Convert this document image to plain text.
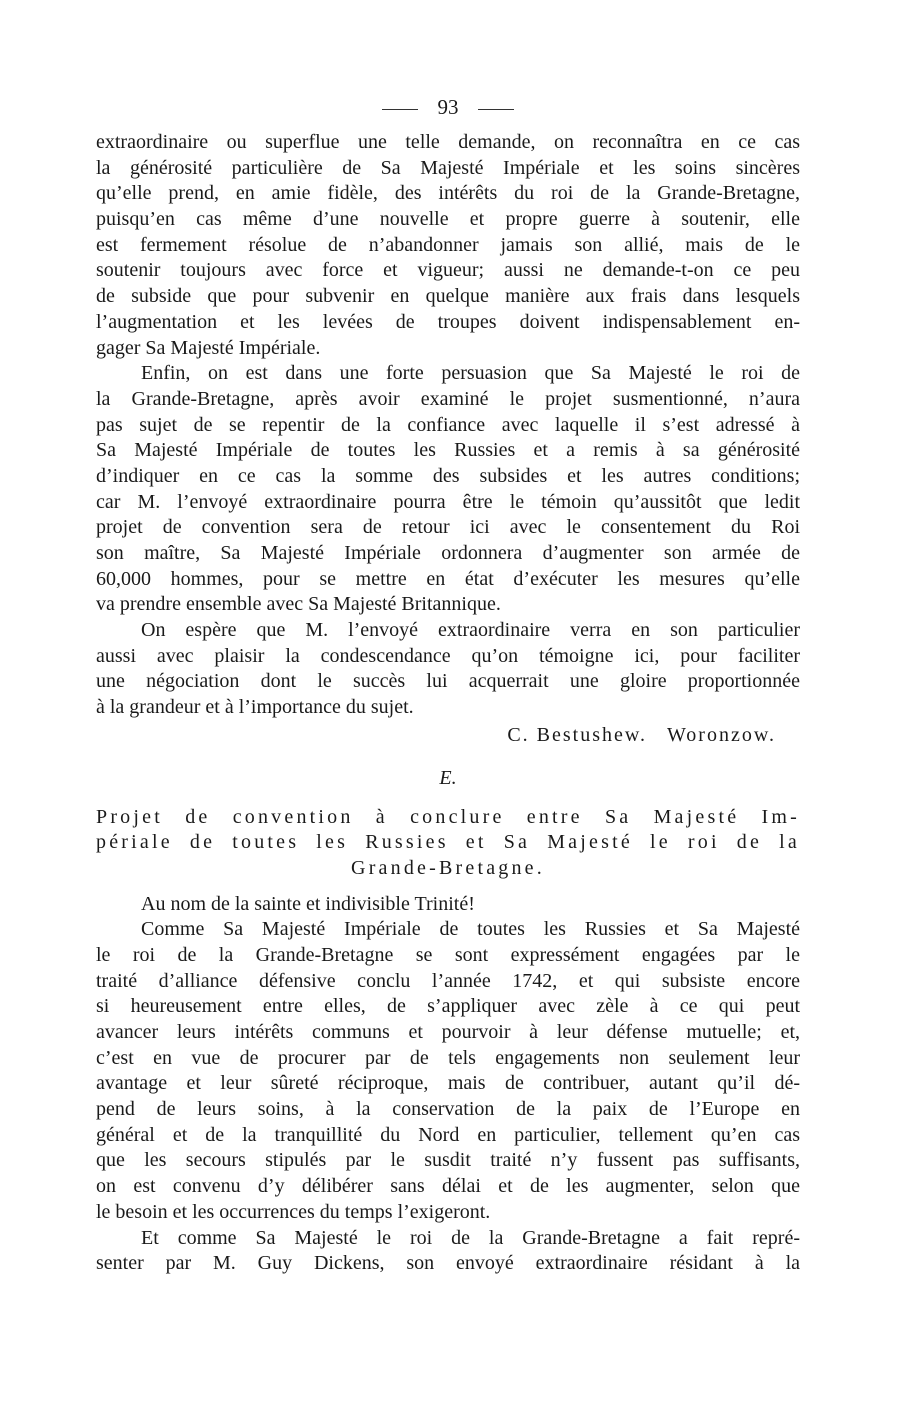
93
extraordinaire ou superflue une telle demande, on reconnaîtra en ce cas
la générosité particulière de Sa Majesté Impériale et les soins sincères
qu’elle prend, en amie fidèle, des intérêts du roi de la Grande-Bretagne,
puisqu’en cas même d’une nouvelle et propre guerre à soutenir, elle
est fermement résolue de n’abandonner jamais son allié, mais de le
soutenir toujours avec force et vigueur; aussi ne demande-t-on ce peu
de subside que pour subvenir en quelque manière aux frais dans lesquels
l’augmentation et les levées de troupes doivent indispensablement en-
gager Sa Majesté Impériale.
Enfin, on est dans une forte persuasion que Sa Majesté le roi de
la Grande-Bretagne, après avoir examiné le projet susmentionné, n’aura
pas sujet de se repentir de la confiance avec laquelle il s’est adressé à
Sa Majesté Impériale de toutes les Russies et a remis à sa générosité
d’indiquer en ce cas la somme des subsides et les autres conditions;
car M. l’envoyé extraordinaire pourra être le témoin qu’aussitôt que ledit
projet de convention sera de retour ici avec le consentement du Roi
son maître, Sa Majesté Impériale ordonnera d’augmenter son armée de
60,000 hommes, pour se mettre en état d’exécuter les mesures qu’elle
va prendre ensemble avec Sa Majesté Britannique.
On espère que M. l’envoyé extraordinaire verra en son particulier
aussi avec plaisir la condescendance qu’on témoigne ici, pour faciliter
une négociation dont le succès lui acquerrait une gloire proportionnée
à la grandeur et à l’importance du sujet.
C. Bestushew. Woronzow.
E.
Projet de convention à conclure entre Sa Majesté Im-
périale de toutes les Russies et Sa Majesté le roi de la
Grande-Bretagne.
Au nom de la sainte et indivisible Trinité!
Comme Sa Majesté Impériale de toutes les Russies et Sa Majesté
le roi de la Grande-Bretagne se sont expressément engagées par le
traité d’alliance défensive conclu l’année 1742, et qui subsiste encore
si heureusement entre elles, de s’appliquer avec zèle à ce qui peut
avancer leurs intérêts communs et pourvoir à leur défense mutuelle; et,
c’est en vue de procurer par de tels engagements non seulement leur
avantage et leur sûreté réciproque, mais de contribuer, autant qu’il dé-
pend de leurs soins, à la conservation de la paix de l’Europe en
général et de la tranquillité du Nord en particulier, tellement qu’en cas
que les secours stipulés par le susdit traité n’y fussent pas suffisants,
on est convenu d’y délibérer sans délai et de les augmenter, selon que
le besoin et les occurrences du temps l’exigeront.
Et comme Sa Majesté le roi de la Grande-Bretagne a fait repré-
senter par M. Guy Dickens, son envoyé extraordinaire résidant à la
